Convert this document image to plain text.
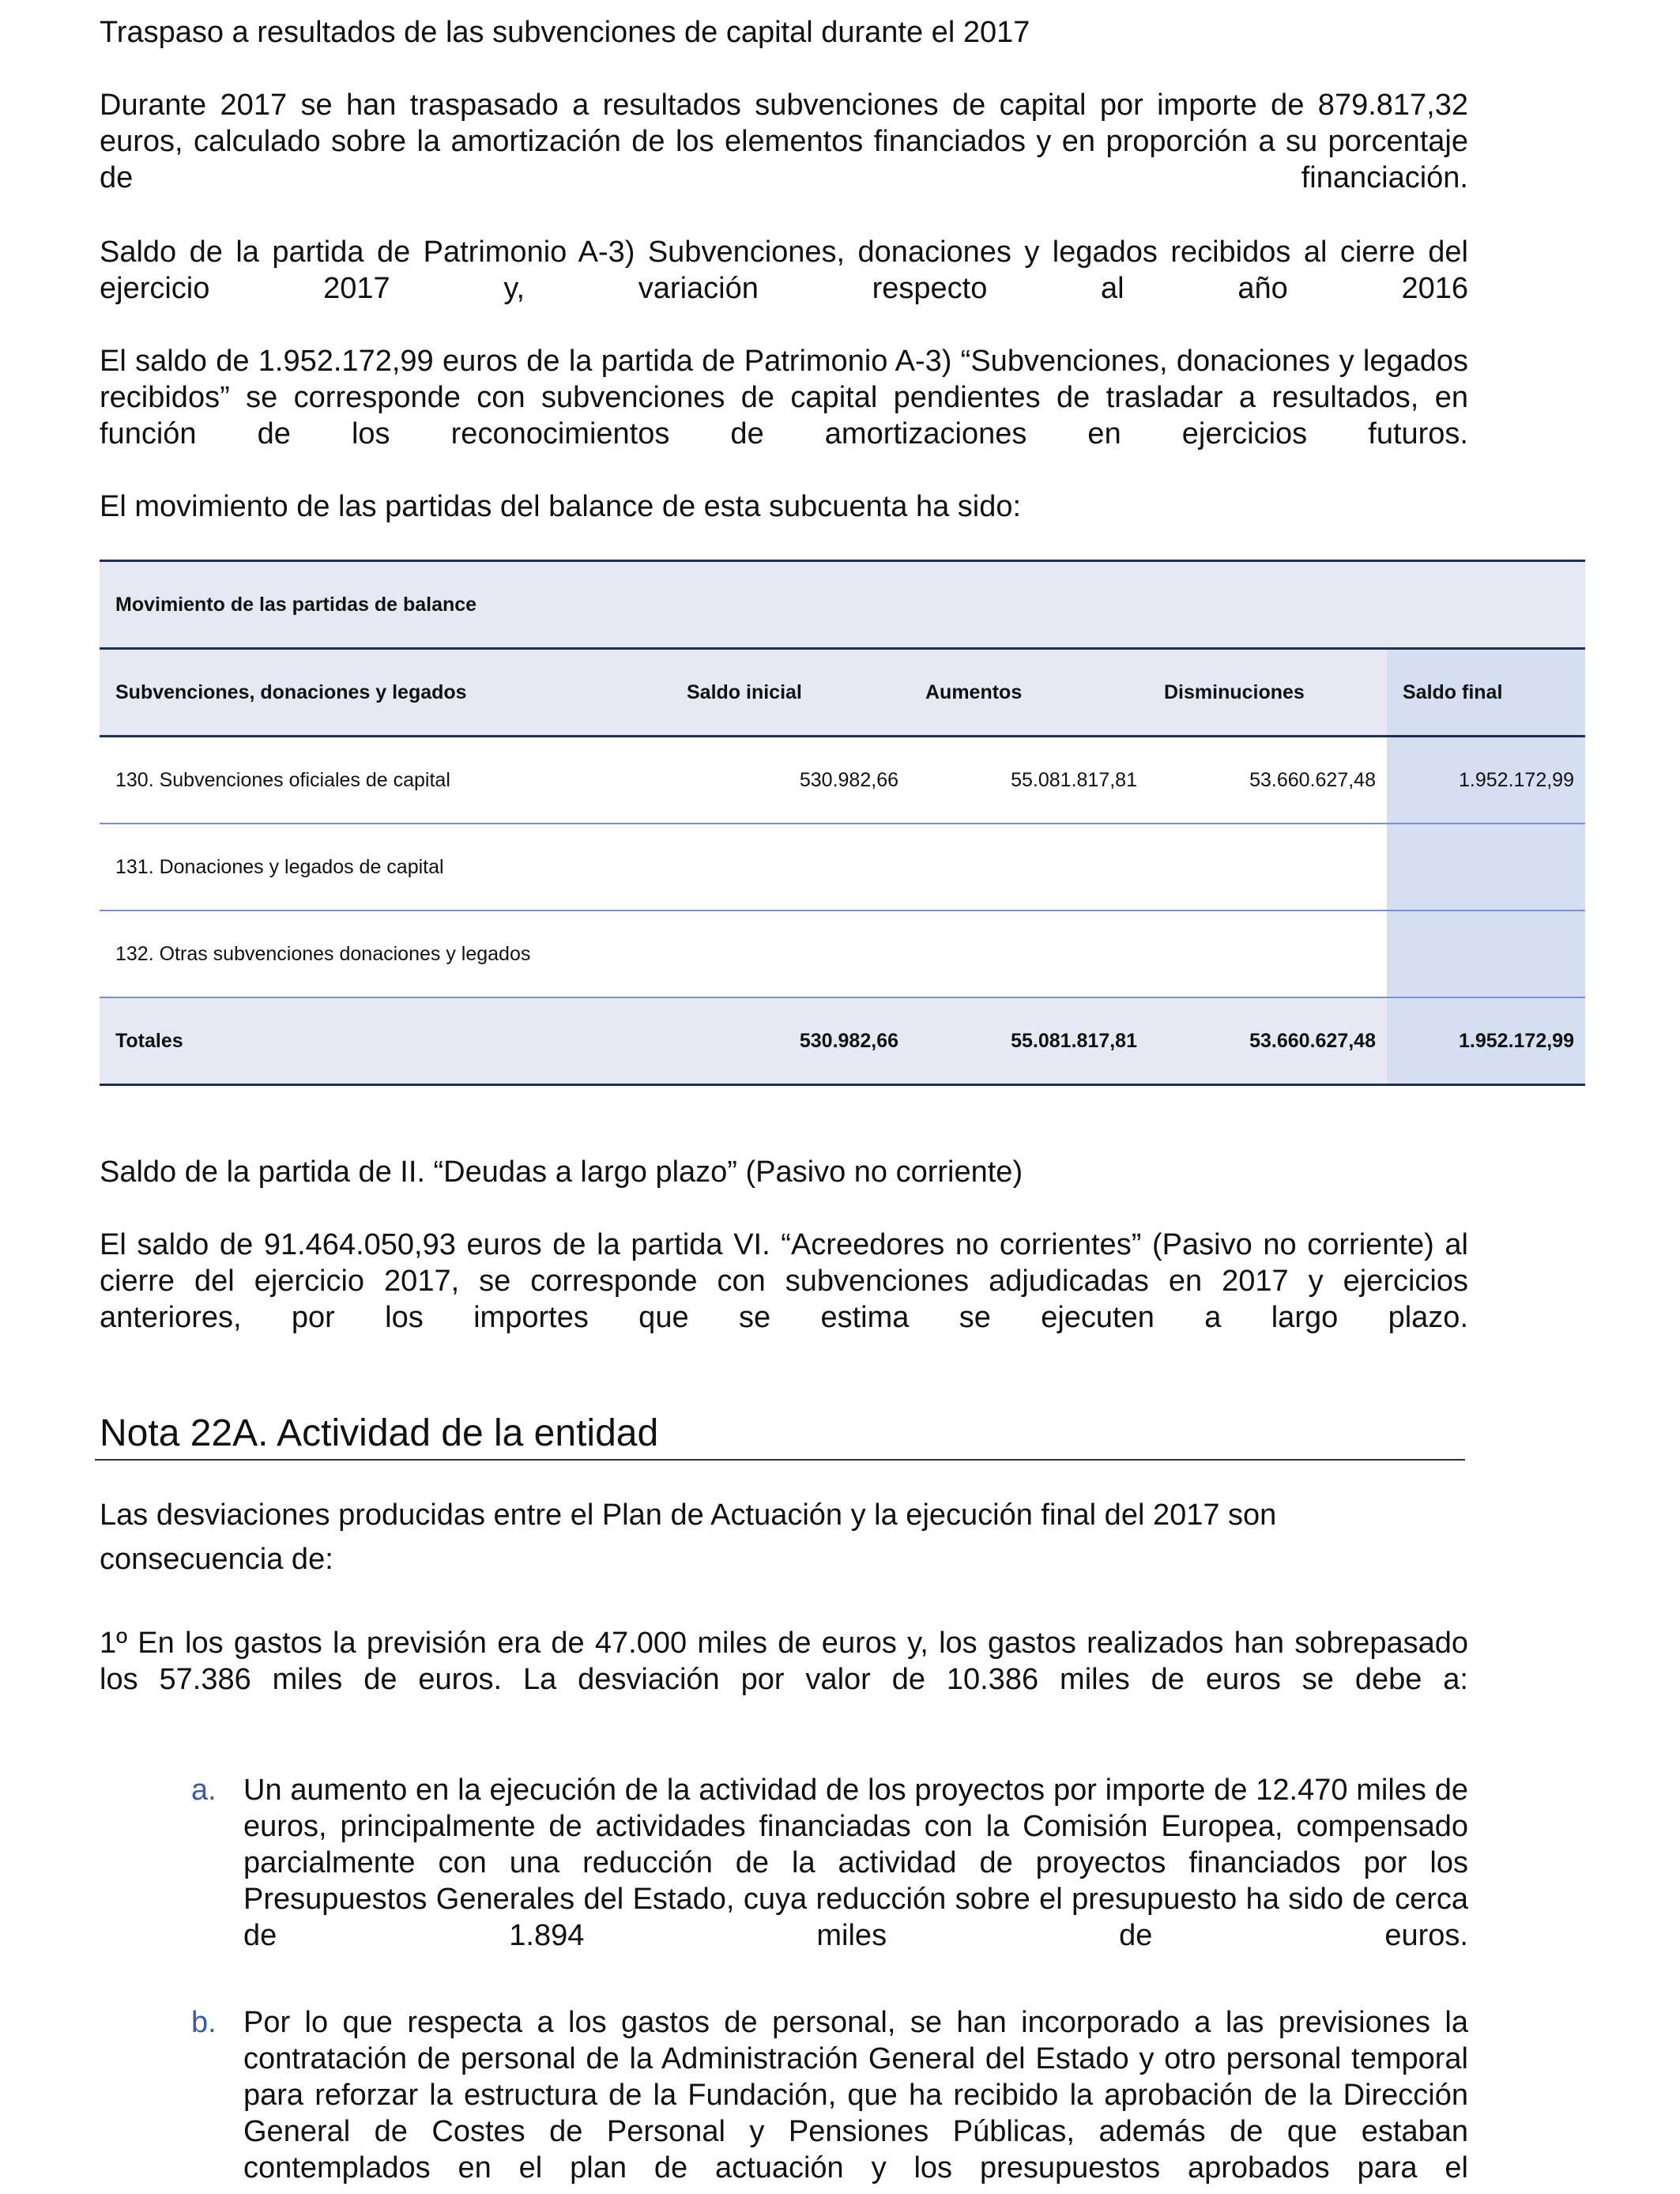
Traspaso a resultados de las subvenciones de capital durante el 2017

Durante 2017 se han traspasado a resultados subvenciones de capital por importe de 879.817,32 euros, calculado sobre la amortización de los elementos financiados y en proporción a su porcentaje de financiación.

Saldo de la partida de Patrimonio A-3) Subvenciones, donaciones y legados recibidos al cierre del ejercicio 2017 y, variación respecto al año 2016

El saldo de 1.952.172,99 euros de la partida de Patrimonio A-3) “Subvenciones, donaciones y legados recibidos” se corresponde con subvenciones de capital pendientes de trasladar a resultados, en función de los reconocimientos de amortizaciones en ejercicios futuros.

El movimiento de las partidas del balance de esta subcuenta ha sido:

Movimiento de las partidas de balance				
Subvenciones, donaciones y legados	Saldo inicial	Aumentos	Disminuciones	Saldo final
130. Subvenciones oficiales de capital	530.982,66	55.081.817,81	53.660.627,48	1.952.172,99
131. Donaciones y legados de capital				
132. Otras subvenciones donaciones y legados				
Totales	530.982,66	55.081.817,81	53.660.627,48	1.952.172,99

Saldo de la partida de II. “Deudas a largo plazo” (Pasivo no corriente)

El saldo de 91.464.050,93 euros de la partida VI. “Acreedores no corrientes” (Pasivo no corriente) al cierre del ejercicio 2017, se corresponde con subvenciones adjudicadas en 2017 y ejercicios anteriores, por los importes que se estima se ejecuten a largo plazo.

Nota 22A. Actividad de la entidad

Las desviaciones producidas entre el Plan de Actuación y la ejecución final del 2017 son

consecuencia de:

1º En los gastos la previsión era de 47.000 miles de euros y, los gastos realizados han sobrepasado los 57.386 miles de euros. La desviación por valor de 10.386 miles de euros se debe a:

a. Un aumento en la ejecución de la actividad de los proyectos por importe de 12.470 miles de euros, principalmente de actividades financiadas con la Comisión Europea, compensado parcialmente con una reducción de la actividad de proyectos financiados por los Presupuestos Generales del Estado, cuya reducción sobre el presupuesto ha sido de cerca de 1.894 miles de euros.

b. Por lo que respecta a los gastos de personal, se han incorporado a las previsiones la contratación de personal de la Administración General del Estado y otro personal temporal para reforzar la estructura de la Fundación, que ha recibido la aprobación de la Dirección General de Costes de Personal y Pensiones Públicas, además de que estaban contemplados en el plan de actuación y los presupuestos aprobados para el
